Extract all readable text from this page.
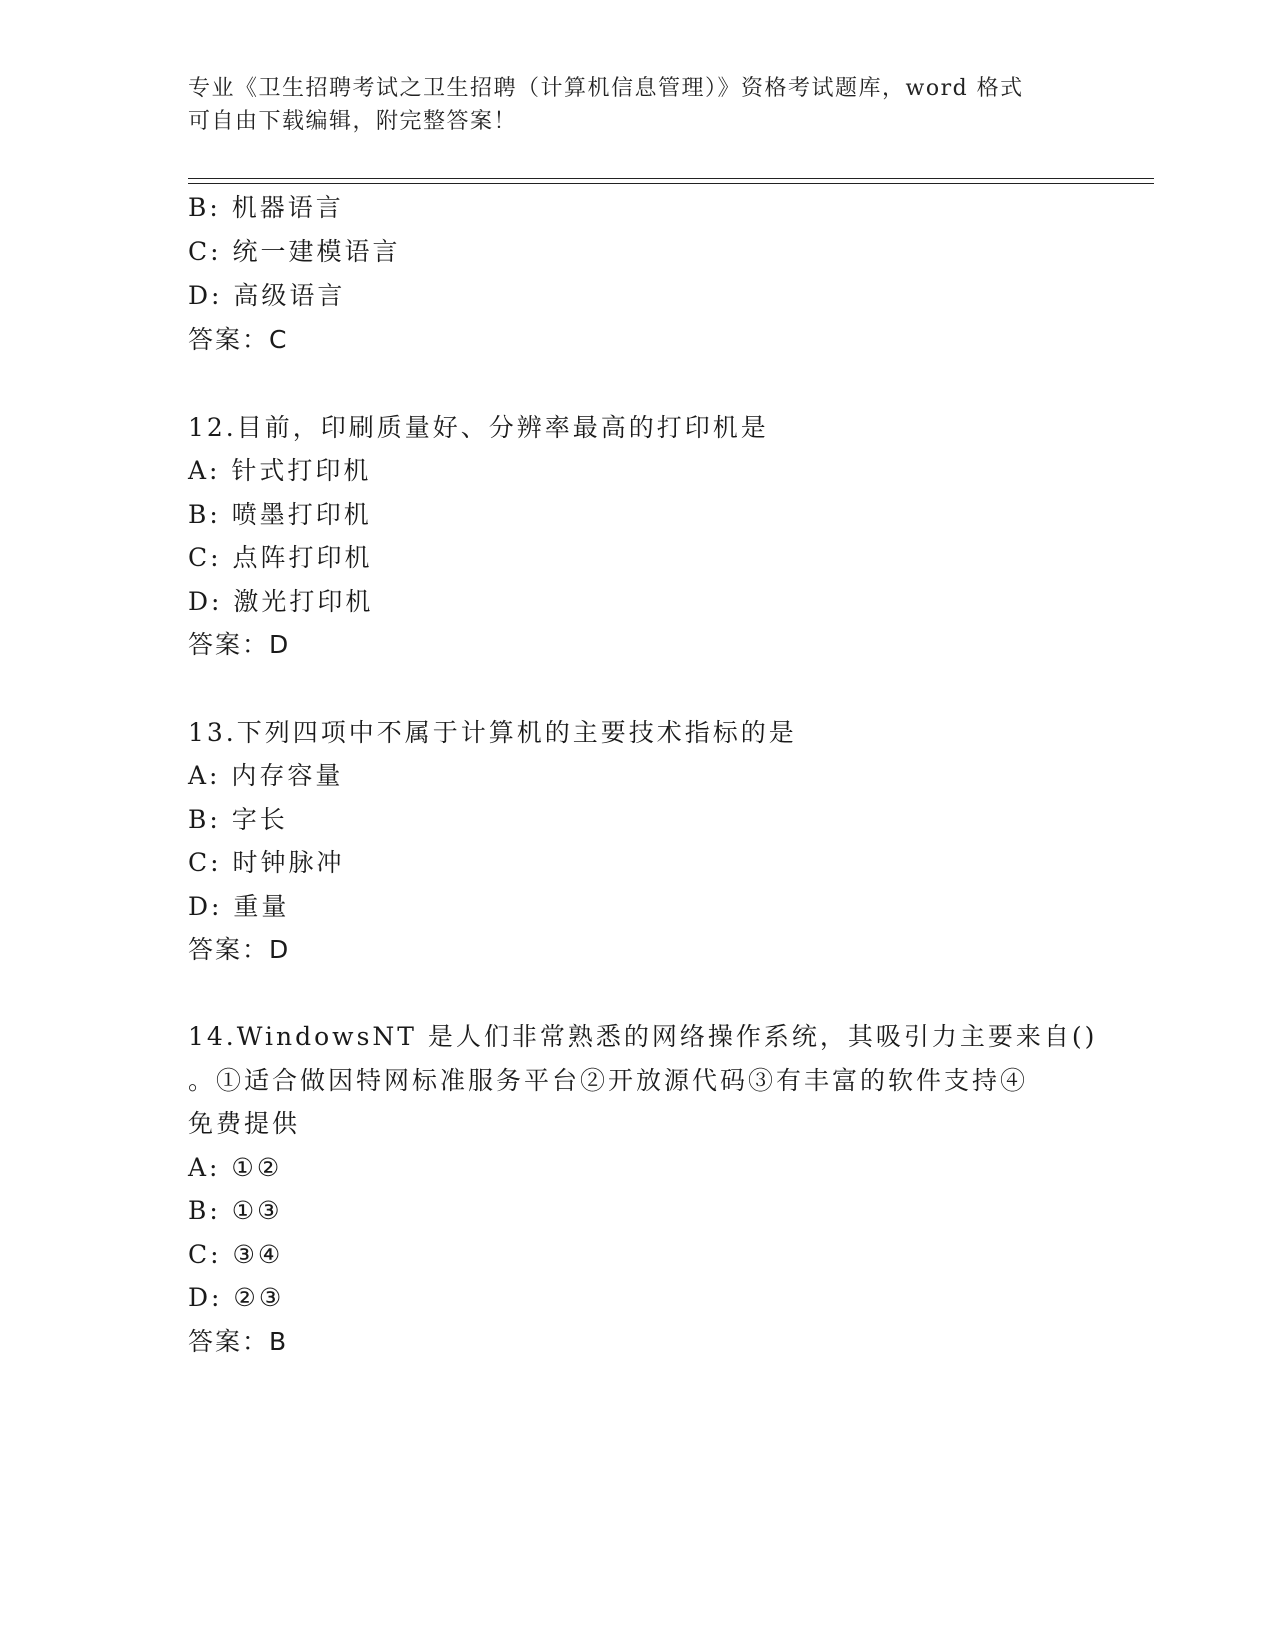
专业《卫生招聘考试之卫生招聘（计算机信息管理）》资格考试题库，word 格式
可自由下载编辑，附完整答案！
B: 机器语言
C: 统一建模语言
D: 高级语言
答案：C
12.目前，印刷质量好、分辨率最高的打印机是
A: 针式打印机
B: 喷墨打印机
C: 点阵打印机
D: 激光打印机
答案：D
13.下列四项中不属于计算机的主要技术指标的是
A: 内存容量
B: 字长
C: 时钟脉冲
D: 重量
答案：D
14.WindowsNT 是人们非常熟悉的网络操作系统，其吸引力主要来自()
。①适合做因特网标准服务平台②开放源代码③有丰富的软件支持④
免费提供
A: ①②
B: ①③
C: ③④
D: ②③
答案：B
